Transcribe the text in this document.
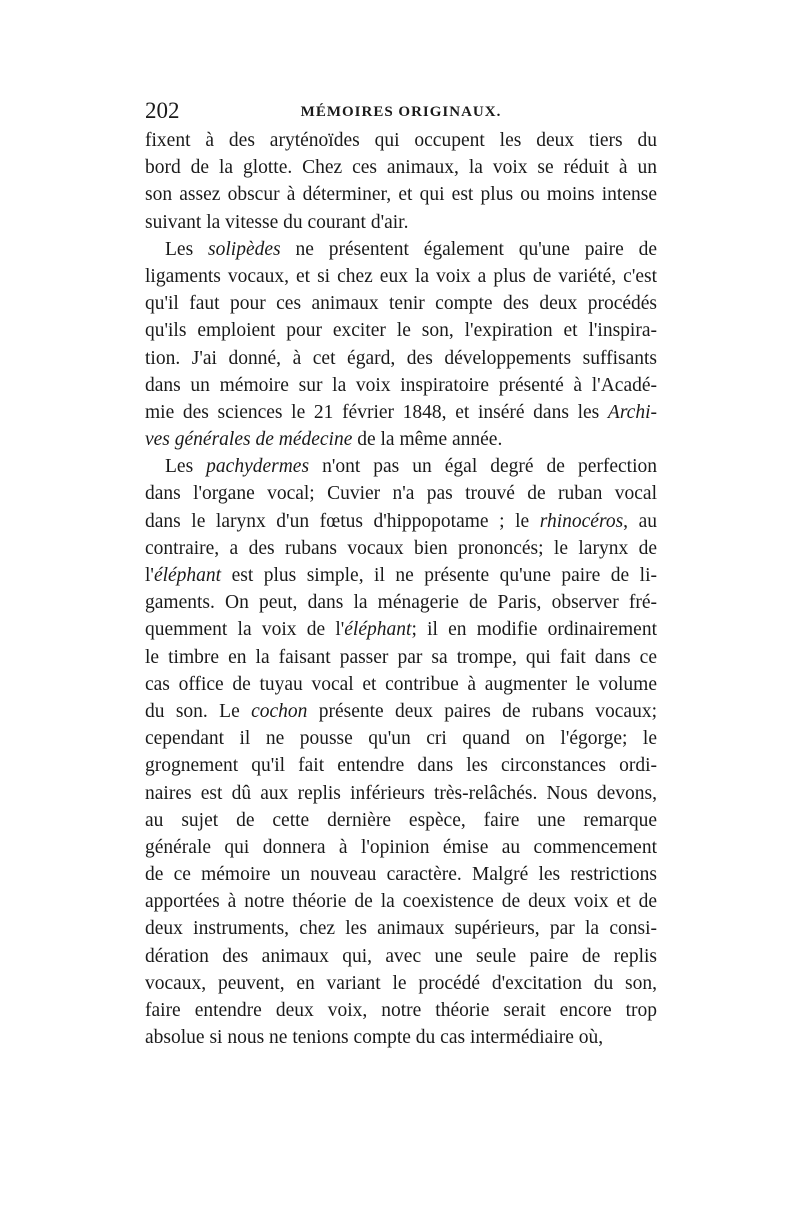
202	MÉMOIRES ORIGINAUX.
fixent à des aryténoïdes qui occupent les deux tiers du
bord de la glotte. Chez ces animaux, la voix se réduit à un
son assez obscur à déterminer, et qui est plus ou moins intense
suivant la vitesse du courant d'air.
Les solipèdes ne présentent également qu'une paire de
ligaments vocaux, et si chez eux la voix a plus de variété, c'est
qu'il faut pour ces animaux tenir compte des deux procédés
qu'ils emploient pour exciter le son, l'expiration et l'inspira-
tion. J'ai donné, à cet égard, des développements suffisants
dans un mémoire sur la voix inspiratoire présenté à l'Acadé-
mie des sciences le 21 février 1848, et inséré dans les Archi-
ves générales de médecine de la même année.
Les pachydermes n'ont pas un égal degré de perfection
dans l'organe vocal; Cuvier n'a pas trouvé de ruban vocal
dans le larynx d'un fœtus d'hippopotame ; le rhinocéros, au
contraire, a des rubans vocaux bien prononcés; le larynx de
l'éléphant est plus simple, il ne présente qu'une paire de li-
gaments. On peut, dans la ménagerie de Paris, observer fré-
quemment la voix de l'éléphant; il en modifie ordinairement
le timbre en la faisant passer par sa trompe, qui fait dans ce
cas office de tuyau vocal et contribue à augmenter le volume
du son. Le cochon présente deux paires de rubans vocaux;
cependant il ne pousse qu'un cri quand on l'égorge; le
grognement qu'il fait entendre dans les circonstances ordi-
naires est dû aux replis inférieurs très-relâchés. Nous devons,
au sujet de cette dernière espèce, faire une remarque
générale qui donnera à l'opinion émise au commencement
de ce mémoire un nouveau caractère. Malgré les restrictions
apportées à notre théorie de la coexistence de deux voix et de
deux instruments, chez les animaux supérieurs, par la consi-
dération des animaux qui, avec une seule paire de replis
vocaux, peuvent, en variant le procédé d'excitation du son,
faire entendre deux voix, notre théorie serait encore trop
absolue si nous ne tenions compte du cas intermédiaire où,
